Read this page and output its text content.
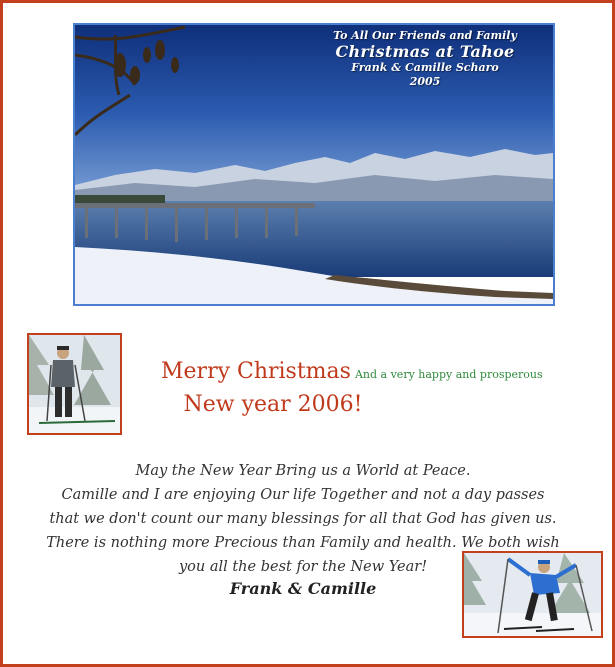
To All Our Friends and Family
Christmas at Tahoe
Frank & Camille Scharo
2005
Merry Christmas And a very happy and prosperous
New year 2006!
May the New Year Bring us a World at Peace.
Camille and I are enjoying Our life Together and not a day passes
that we don't count our many blessings for all that God has given us.
There is nothing more Precious than Family and health. We both wish
you all the best for the New Year!
Frank & Camille
